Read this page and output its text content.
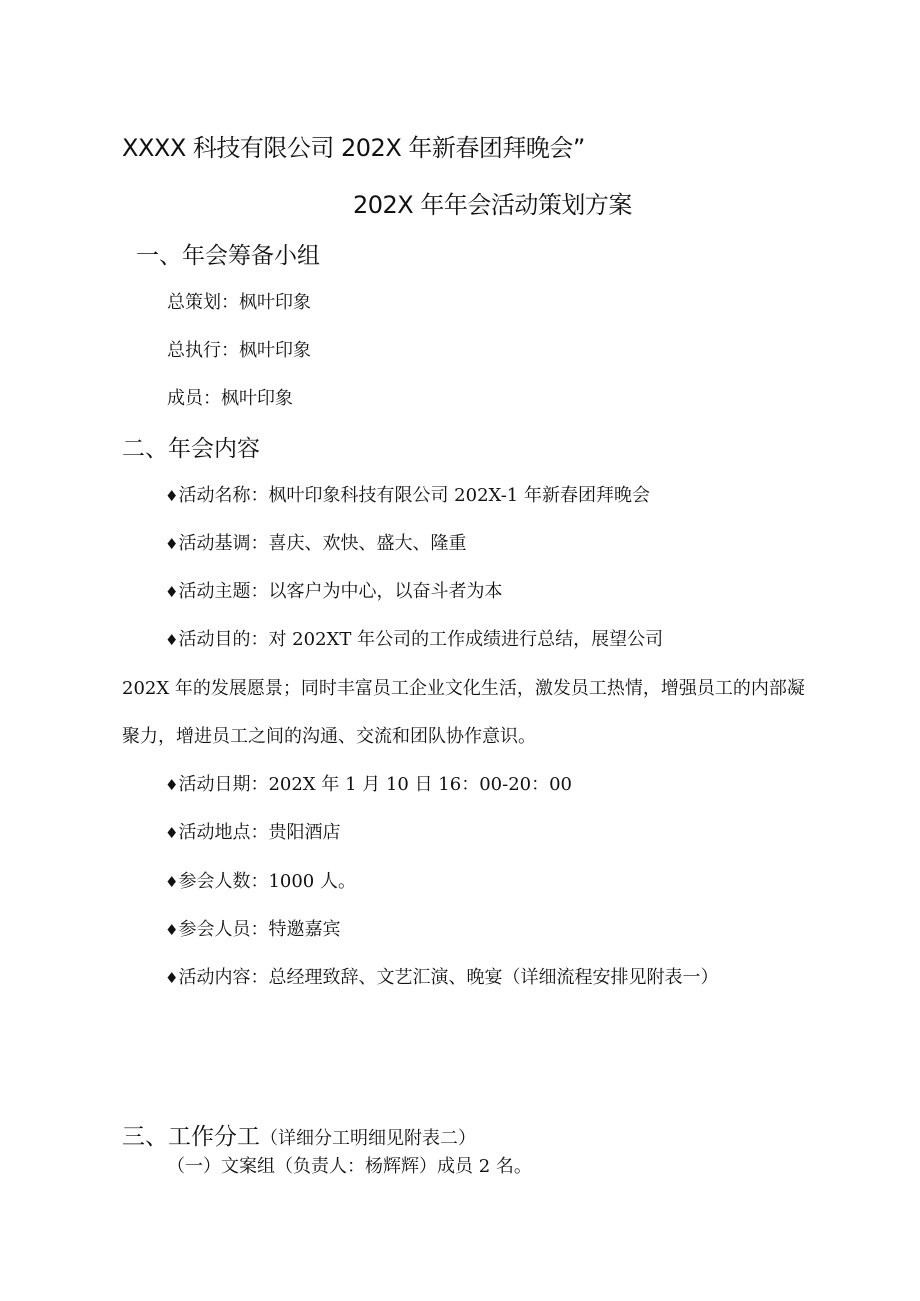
XXXX 科技有限公司 202X 年新春团拜晚会”
202X 年年会活动策划方案
一、年会筹备小组

总策划：枫叶印象

总执行：枫叶印象

成员：枫叶印象

二、年会内容

♦活动名称：枫叶印象科技有限公司 202X-1 年新春团拜晚会

♦活动基调：喜庆、欢快、盛大、隆重

♦活动主题：以客户为中心，以奋斗者为本

♦活动目的：对 202XT 年公司的工作成绩进行总结，展望公司

202X 年的发展愿景；同时丰富员工企业文化生活，激发员工热情，增强员工的内部凝

聚力，增进员工之间的沟通、交流和团队协作意识。

♦活动日期：202X 年 1 月 10 日 16：00-20：00

♦活动地点：贵阳酒店

♦参会人数：1000 人。

♦参会人员：特邀嘉宾

♦活动内容：总经理致辞、文艺汇演、晚宴（详细流程安排见附表一）

三、工作分工（详细分工明细见附表二）

（一）文案组（负责人：杨辉辉）成员 2 名。
